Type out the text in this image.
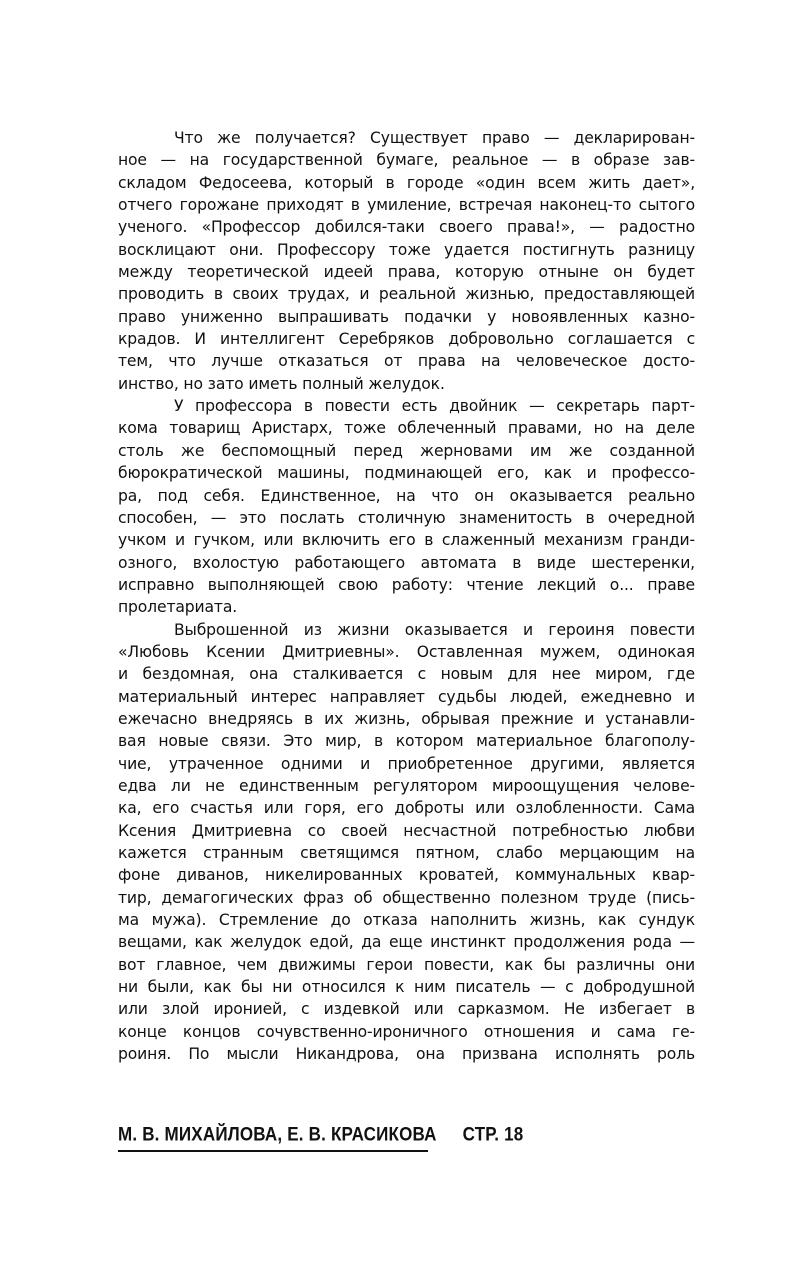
Что же получается? Существует право — декларирован-
ное — на государственной бумаге, реальное — в образе зав-
складом Федосеева, который в городе «один всем жить дает»,
отчего горожане приходят в умиление, встречая наконец-то сытого
ученого. «Профессор добился-таки своего права!», — радостно
восклицают они. Профессору тоже удается постигнуть разницу
между теоретической идеей права, которую отныне он будет
проводить в своих трудах, и реальной жизнью, предоставляющей
право униженно выпрашивать подачки у новоявленных казно-
крадов. И интеллигент Серебряков добровольно соглашается с
тем, что лучше отказаться от права на человеческое досто-
инство, но зато иметь полный желудок.
У профессора в повести есть двойник — секретарь парт-
кома товарищ Аристарх, тоже облеченный правами, но на деле
столь же беспомощный перед жерновами им же созданной
бюрократической машины, подминающей его, как и профессо-
ра, под себя. Единственное, на что он оказывается реально
способен, — это послать столичную знаменитость в очередной
учком и гучком, или включить его в слаженный механизм гранди-
озного, вхолостую работающего автомата в виде шестеренки,
исправно выполняющей свою работу: чтение лекций о... праве
пролетариата.
Выброшенной из жизни оказывается и героиня повести
«Любовь Ксении Дмитриевны». Оставленная мужем, одинокая
и бездомная, она сталкивается с новым для нее миром, где
материальный интерес направляет судьбы людей, ежедневно и
ежечасно внедряясь в их жизнь, обрывая прежние и устанавли-
вая новые связи. Это мир, в котором материальное благополу-
чие, утраченное одними и приобретенное другими, является
едва ли не единственным регулятором мироощущения челове-
ка, его счастья или горя, его доброты или озлобленности. Сама
Ксения Дмитриевна со своей несчастной потребностью любви
кажется странным светящимся пятном, слабо мерцающим на
фоне диванов, никелированных кроватей, коммунальных квар-
тир, демагогических фраз об общественно полезном труде (пись-
ма мужа). Стремление до отказа наполнить жизнь, как сундук
вещами, как желудок едой, да еще инстинкт продолжения рода —
вот главное, чем движимы герои повести, как бы различны они
ни были, как бы ни относился к ним писатель — с добродушной
или злой иронией, с издевкой или сарказмом. Не избегает в
конце концов сочувственно-ироничного отношения и сама ге-
роиня. По мысли Никандрова, она призвана исполнять роль
М. В. МИХАЙЛОВА, Е. В. КРАСИКОВА СТР. 18
